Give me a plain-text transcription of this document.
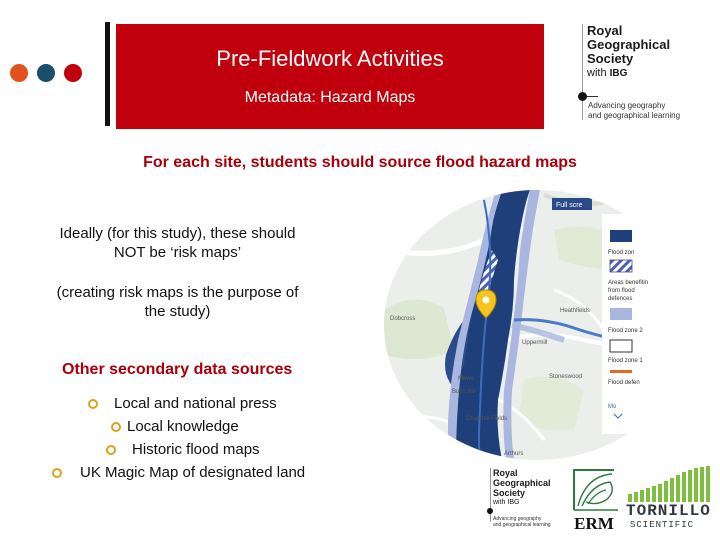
Pre-Fieldwork Activities
Metadata: Hazard Maps
Royal
Geographical
Society
with IBG
Advancing geography
and geographical learning
For each site, students should source flood hazard maps
Ideally (for this study), these should
NOT be ‘risk maps’
(creating risk maps is the purpose of
the study)
Other secondary data sources
Local and national press
Local knowledge
Historic flood maps
UK Magic Map of designated land
Dobcross
Uppermill
Heathfields
Stoneswood
Mews
Bush Hill
Churchill Fields
Arthurs
Full scre
Flood zon
Areas benefitin
from flood
defences
Flood zone 2
Flood zone 1
Flood defen
Mo
Royal
Geographical
Society
with IBG
Advancing geography
and geographical learning	ERM
TORNILLO
SCIENTIFIC
